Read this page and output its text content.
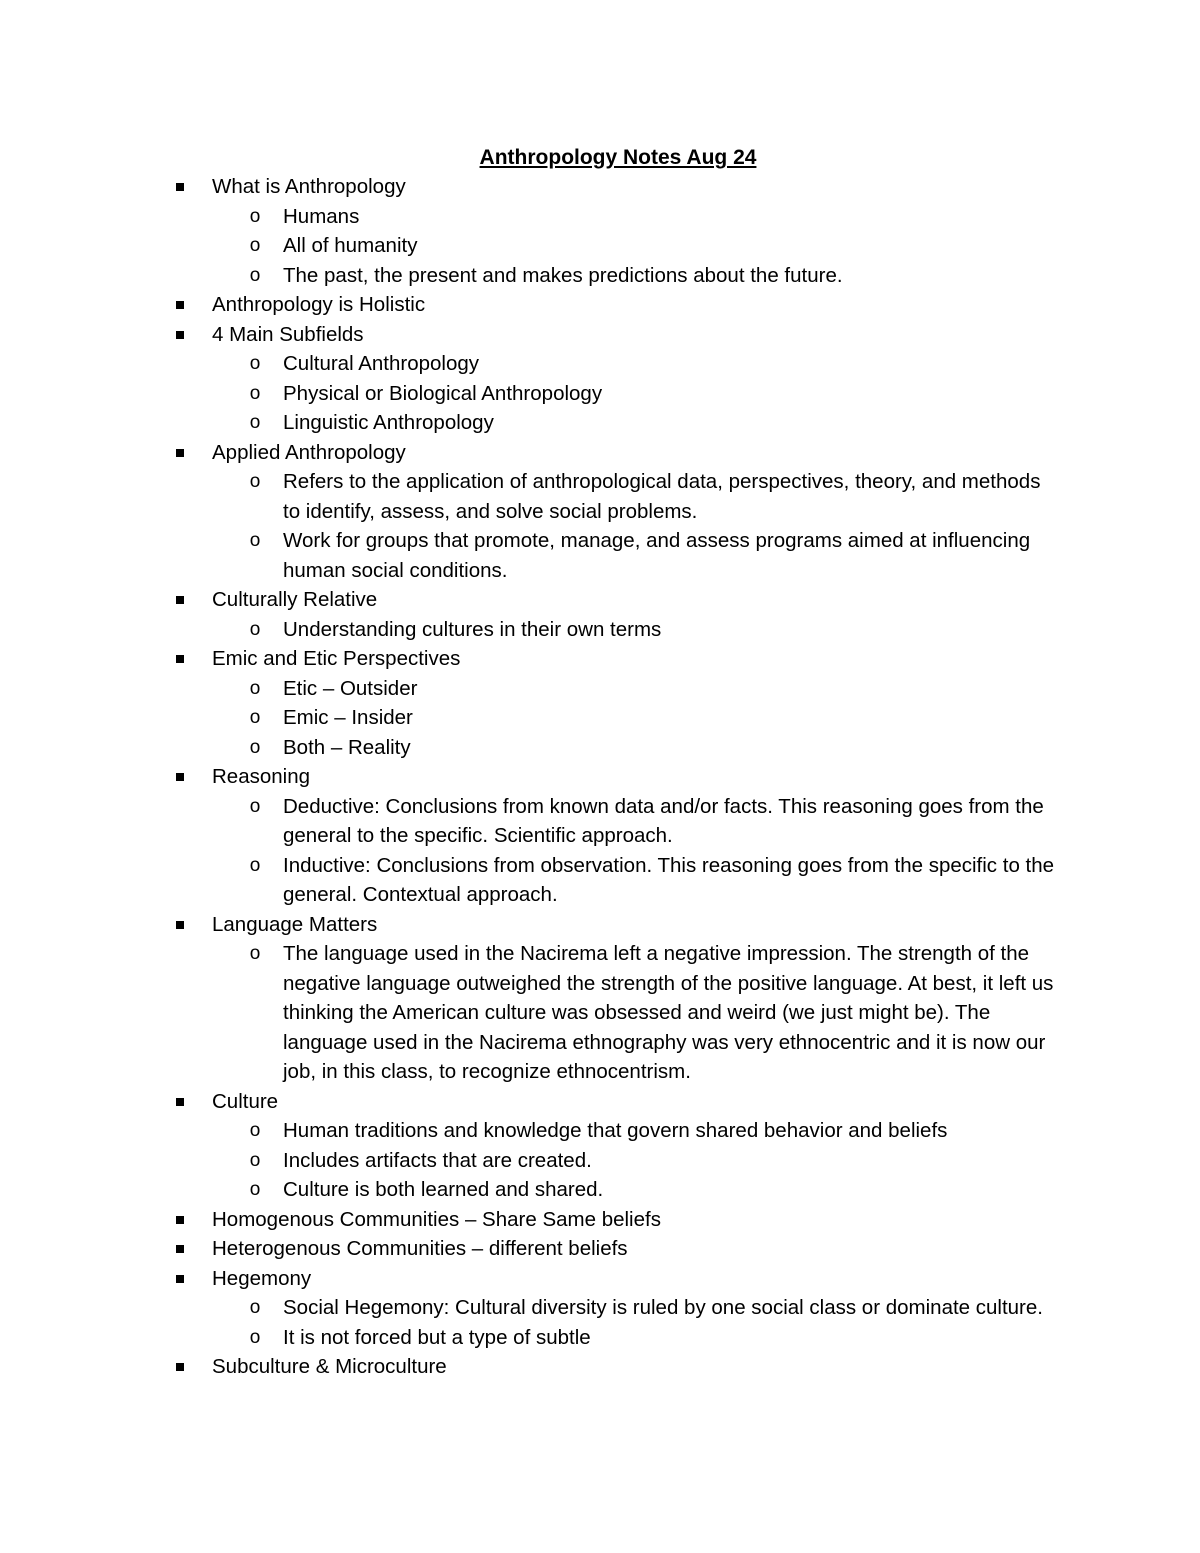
Anthropology Notes Aug 24
What is Anthropology
o Humans
o All of humanity
o The past, the present and makes predictions about the future.
Anthropology is Holistic
4 Main Subfields
o Cultural Anthropology
o Physical or Biological Anthropology
o Linguistic Anthropology
Applied Anthropology
o Refers to the application of anthropological data, perspectives, theory, and methods to identify, assess, and solve social problems.
o Work for groups that promote, manage, and assess programs aimed at influencing human social conditions.
Culturally Relative
o Understanding cultures in their own terms
Emic and Etic Perspectives
o Etic – Outsider
o Emic – Insider
o Both – Reality
Reasoning
o Deductive: Conclusions from known data and/or facts. This reasoning goes from the general to the specific. Scientific approach.
o Inductive: Conclusions from observation. This reasoning goes from the specific to the general. Contextual approach.
Language Matters
o The language used in the Nacirema left a negative impression. The strength of the negative language outweighed the strength of the positive language. At best, it left us thinking the American culture was obsessed and weird (we just might be). The language used in the Nacirema ethnography was very ethnocentric and it is now our job, in this class, to recognize ethnocentrism.
Culture
o Human traditions and knowledge that govern shared behavior and beliefs
o Includes artifacts that are created.
o Culture is both learned and shared.
Homogenous Communities – Share Same beliefs
Heterogenous Communities – different beliefs
Hegemony
o Social Hegemony: Cultural diversity is ruled by one social class or dominate culture.
o It is not forced but a type of subtle
Subculture & Microculture
